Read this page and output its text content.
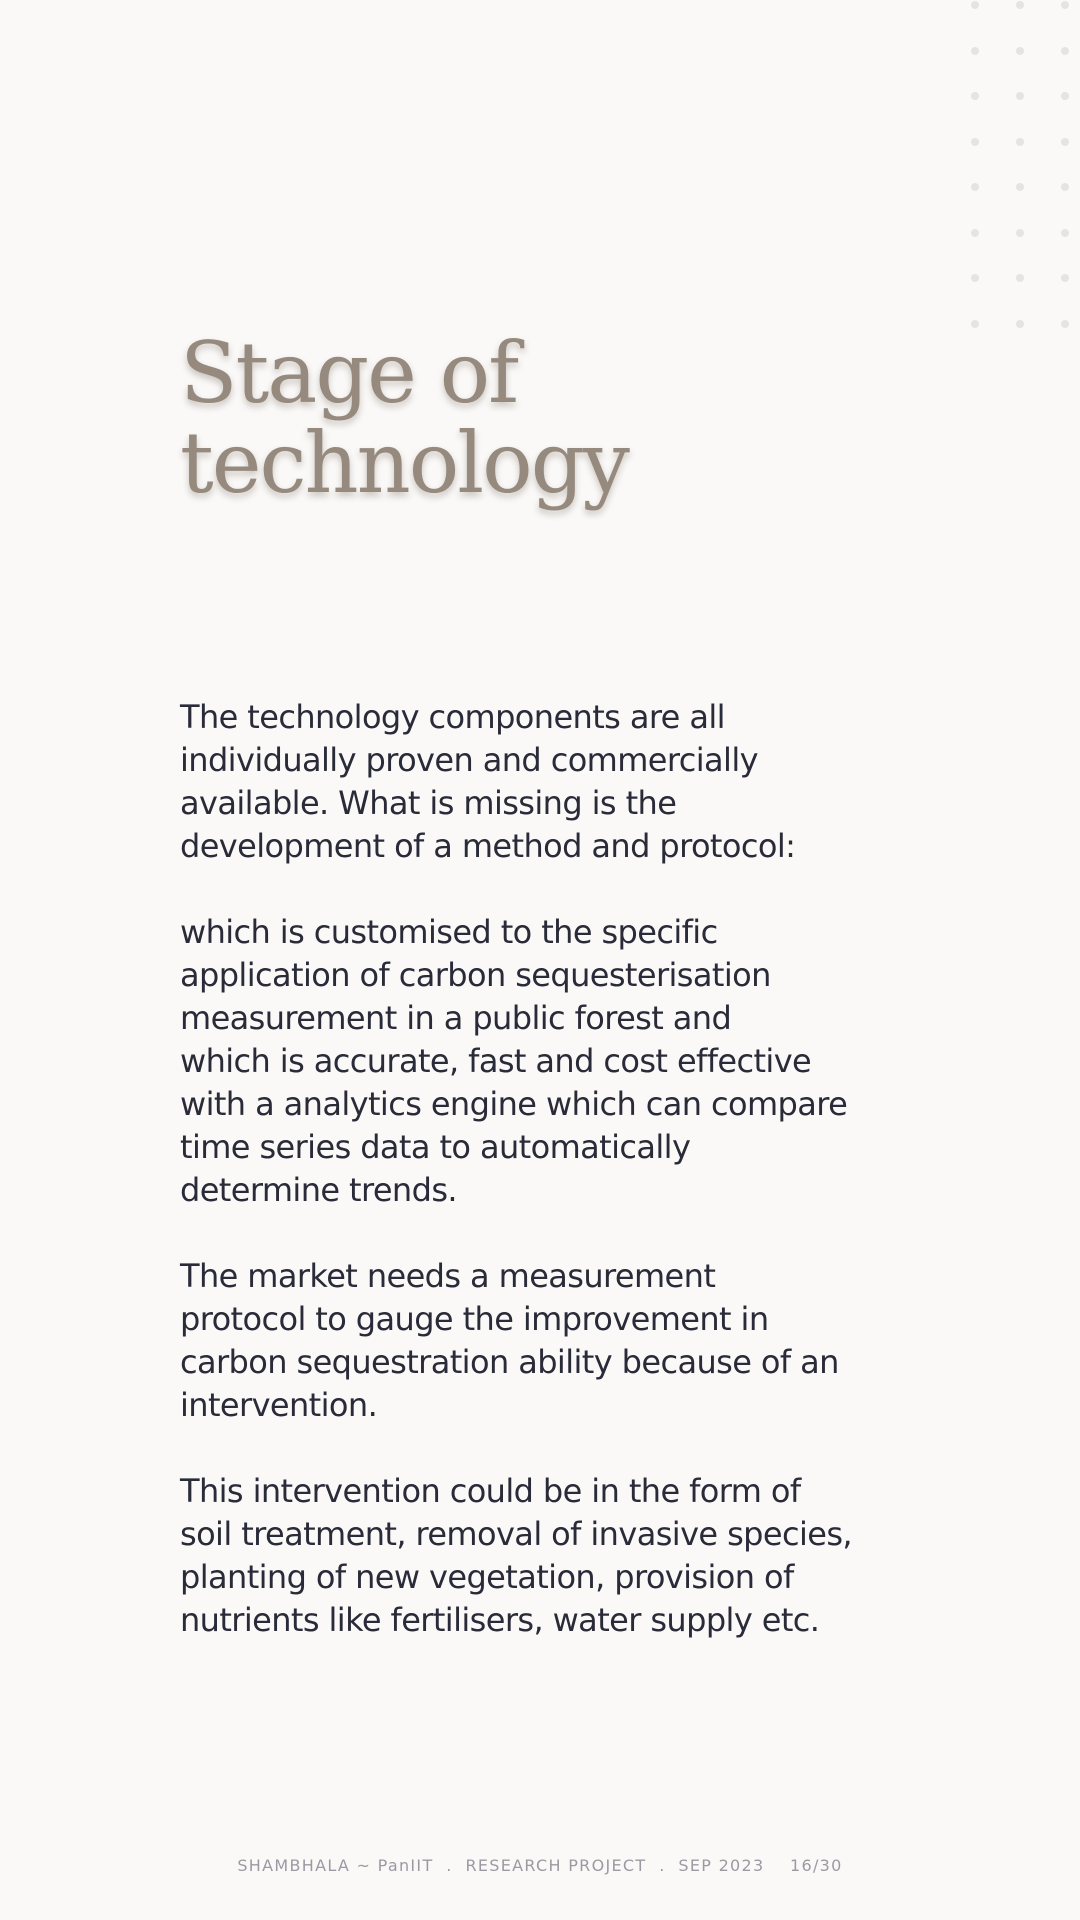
Stage of
technology

The technology components are all
individually proven and commercially
available. What is missing is the
development of a method and protocol:

which is customised to the specific
application of carbon sequesterisation
measurement in a public forest and
which is accurate, fast and cost effective
with a analytics engine which can compare
time series data to automatically
determine trends.

The market needs a measurement
protocol to gauge the improvement in
carbon sequestration ability because of an
intervention.

This intervention could be in the form of
soil treatment, removal of invasive species,
planting of new vegetation, provision of
nutrients like fertilisers, water supply etc.

SHAMBHALA ~ PanIIT  .  RESEARCH PROJECT  .  SEP 2023    16/30
